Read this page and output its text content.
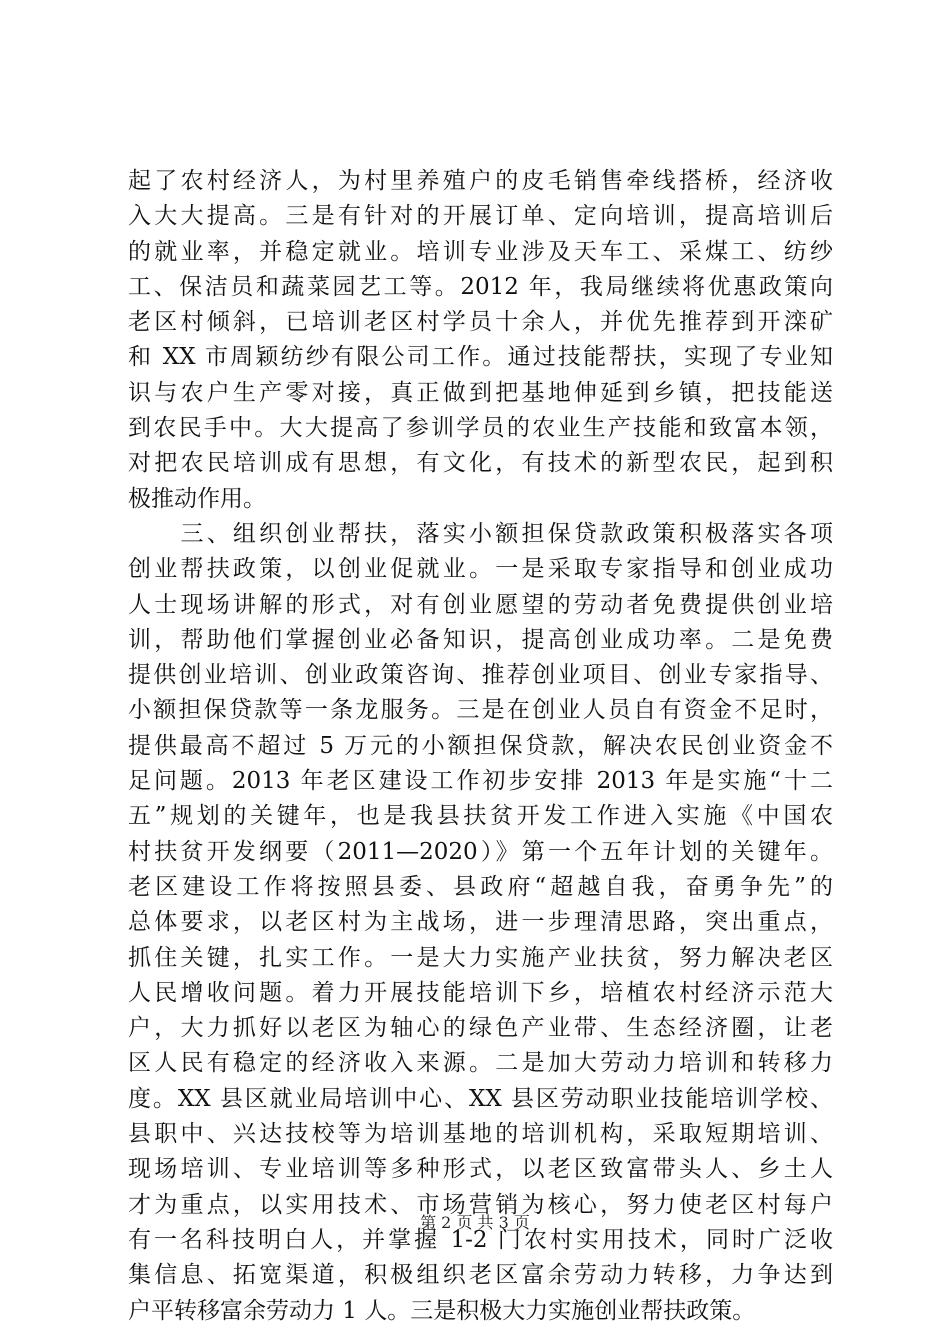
起了农村经济人，为村里养殖户的皮毛销售牵线搭桥，经济收
入大大提高。三是有针对的开展订单、定向培训，提高培训后
的就业率，并稳定就业。培训专业涉及天车工、采煤工、纺纱
工、保洁员和蔬菜园艺工等。2012 年，我局继续将优惠政策向
老区村倾斜，已培训老区村学员十余人，并优先推荐到开滦矿
和 XX 市周颖纺纱有限公司工作。通过技能帮扶，实现了专业知
识与农户生产零对接，真正做到把基地伸延到乡镇，把技能送
到农民手中。大大提高了参训学员的农业生产技能和致富本领，
对把农民培训成有思想，有文化，有技术的新型农民，起到积
极推动作用。
　　三、组织创业帮扶，落实小额担保贷款政策积极落实各项
创业帮扶政策，以创业促就业。一是采取专家指导和创业成功
人士现场讲解的形式，对有创业愿望的劳动者免费提供创业培
训，帮助他们掌握创业必备知识，提高创业成功率。二是免费
提供创业培训、创业政策咨询、推荐创业项目、创业专家指导、
小额担保贷款等一条龙服务。三是在创业人员自有资金不足时，
提供最高不超过 5 万元的小额担保贷款，解决农民创业资金不
足问题。2013 年老区建设工作初步安排 2013 年是实施“十二
五”规划的关键年，也是我县扶贫开发工作进入实施《中国农
村扶贫开发纲要（2011—2020）》第一个五年计划的关键年。
老区建设工作将按照县委、县政府“超越自我，奋勇争先”的
总体要求，以老区村为主战场，进一步理清思路，突出重点，
抓住关键，扎实工作。一是大力实施产业扶贫，努力解决老区
人民增收问题。着力开展技能培训下乡，培植农村经济示范大
户，大力抓好以老区为轴心的绿色产业带、生态经济圈，让老
区人民有稳定的经济收入来源。二是加大劳动力培训和转移力
度。XX 县区就业局培训中心、XX 县区劳动职业技能培训学校、
县职中、兴达技校等为培训基地的培训机构，采取短期培训、
现场培训、专业培训等多种形式，以老区致富带头人、乡土人
才为重点，以实用技术、市场营销为核心，努力使老区村每户
有一名科技明白人，并掌握 1-2 门农村实用技术，同时广泛收
集信息、拓宽渠道，积极组织老区富余劳动力转移，力争达到
户平转移富余劳动力 1 人。三是积极大力实施创业帮扶政策。
第 2 页 共 3 页
